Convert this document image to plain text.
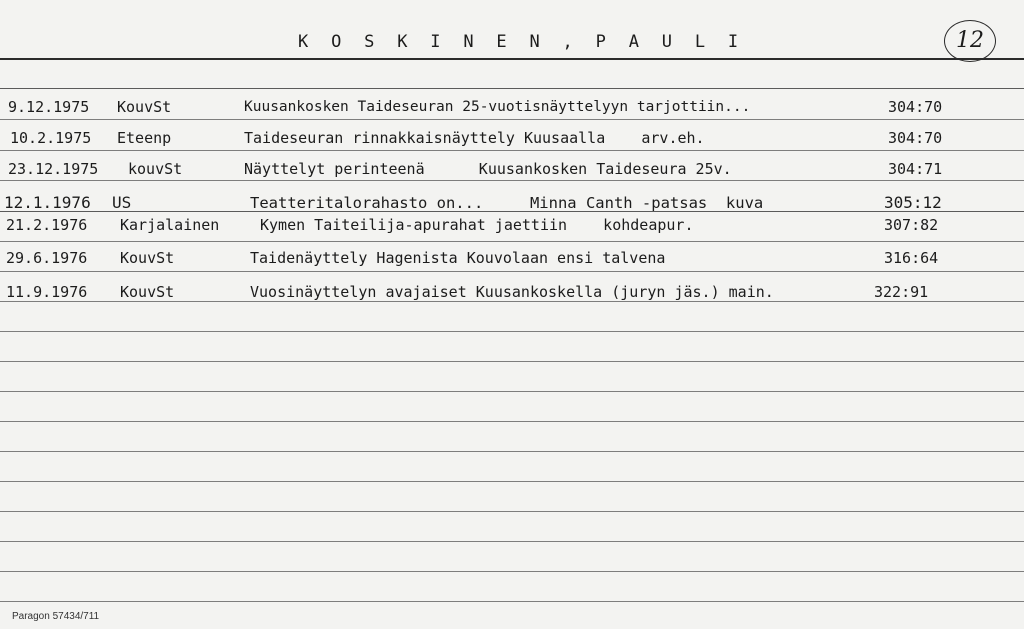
K O S K I N E N , P A U L I	12
9.12.1975 KouvSt	Kuusankosken Taideseuran 25-vuotisnäyttelyyn tarjottiin...	304:70
10.2.1975 Eteenp	Taideseuran rinnakkaisnäyttely Kuusaalla    arv.eh.	304:70
23.12.1975 kouvSt	Näyttelyt perinteenä      Kuusankosken Taideseura 25v.	304:71
12.1.1976 US	Teatteritalorahasto on...     Minna Canth -patsas  kuva	305:12
21.2.1976 Karjalainen	Kymen Taiteilija-apurahat jaettiin    kohdeapur.	307:82
29.6.1976 KouvSt	Taidenäyttely Hagenista Kouvolaan ensi talvena	316:64
11.9.1976 KouvSt	Vuosinäyttelyn avajaiset Kuusankoskella (juryn jäs.) main.	322:91
Paragon 57434/711
